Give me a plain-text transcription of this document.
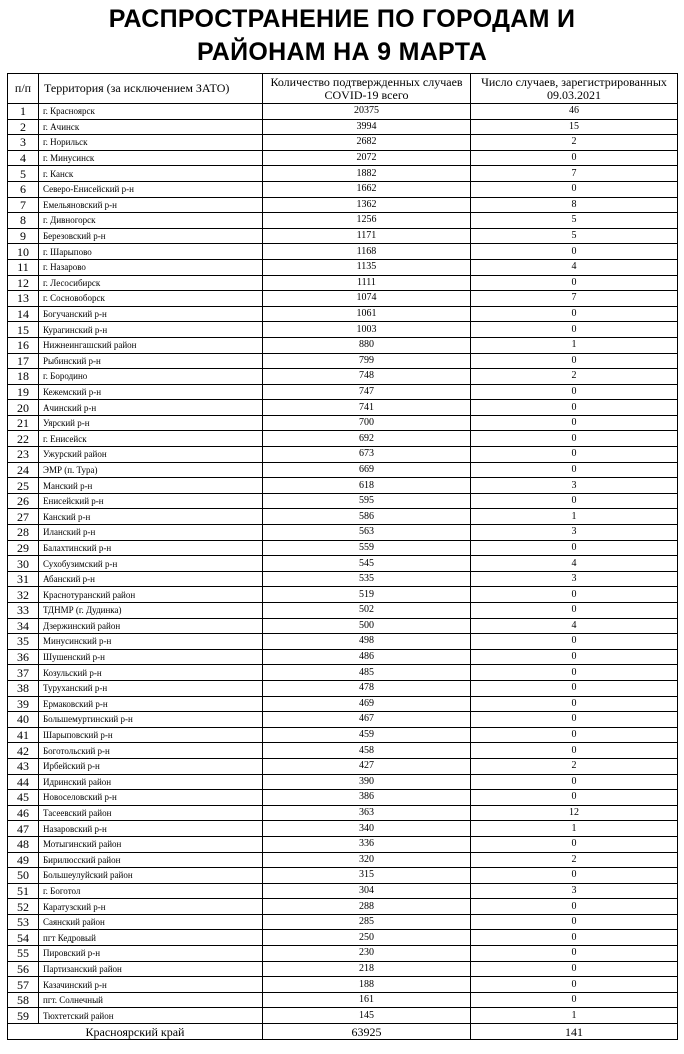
РАСПРОСТРАНЕНИЕ ПО ГОРОДАМ И
РАЙОНАМ НА 9 МАРТА
п/п	Территория (за исключением ЗАТО)	Количество подтвержденных случаев COVID-19 всего	Число случаев, зарегистрированных 09.03.2021
1	г. Красноярск	20375	46
2	г. Ачинск	3994	15
3	г. Норильск	2682	2
4	г. Минусинск	2072	0
5	г. Канск	1882	7
6	Северо-Енисейский р-н	1662	0
7	Емельяновский р-н	1362	8
8	г. Дивногорск	1256	5
9	Березовский р-н	1171	5
10	г. Шарыпово	1168	0
11	г. Назарово	1135	4
12	г. Лесосибирск	1111	0
13	г. Сосновоборск	1074	7
14	Богучанский р-н	1061	0
15	Курагинский р-н	1003	0
16	Нижнеингашский район	880	1
17	Рыбинский р-н	799	0
18	г. Бородино	748	2
19	Кежемский р-н	747	0
20	Ачинский р-н	741	0
21	Уярский р-н	700	0
22	г. Енисейск	692	0
23	Ужурский район	673	0
24	ЭМР (п. Тура)	669	0
25	Манский р-н	618	3
26	Енисейский р-н	595	0
27	Канский р-н	586	1
28	Иланский р-н	563	3
29	Балахтинский р-н	559	0
30	Сухобузимский р-н	545	4
31	Абанский р-н	535	3
32	Краснотуранский район	519	0
33	ТДНМР (г. Дудинка)	502	0
34	Дзержинский район	500	4
35	Минусинский р-н	498	0
36	Шушенский р-н	486	0
37	Козульский р-н	485	0
38	Туруханский р-н	478	0
39	Ермаковский р-н	469	0
40	Большемуртинский р-н	467	0
41	Шарыповский р-н	459	0
42	Боготольский р-н	458	0
43	Ирбейский р-н	427	2
44	Идринский район	390	0
45	Новоселовский р-н	386	0
46	Тасеевский район	363	12
47	Назаровский р-н	340	1
48	Мотыгинский район	336	0
49	Бирилюсский район	320	2
50	Большеулуйский район	315	0
51	г. Боготол	304	3
52	Каратузский р-н	288	0
53	Саянский район	285	0
54	пгт Кедровый	250	0
55	Пировский р-н	230	0
56	Партизанский район	218	0
57	Казачинский р-н	188	0
58	пгт. Солнечный	161	0
59	Тюхтетский район	145	1
Красноярский край		63925	141
